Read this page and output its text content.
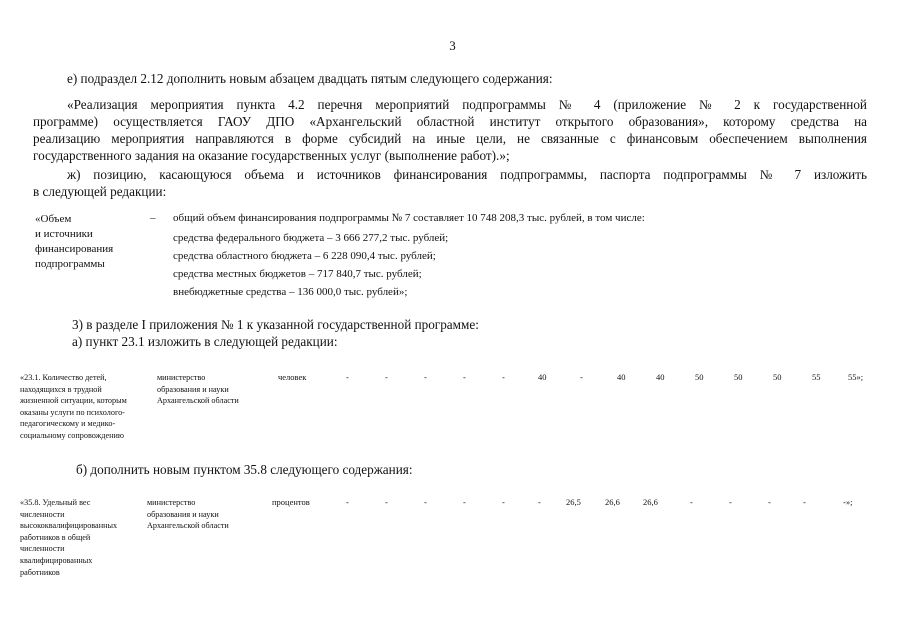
3
е) подраздел 2.12 дополнить новым абзацем двадцать пятым следующего содержания:
«Реализация мероприятия пункта 4.2 перечня мероприятий подпрограммы № 4 (приложение № 2 к государственной
программе) осуществляется ГАОУ ДПО «Архангельский областной институт открытого образования», которому средства на
реализацию мероприятия направляются в форме субсидий на иные цели, не связанные с финансовым обеспечением выполнения
государственного задания на оказание государственных услуг (выполнение работ).»;
ж) позицию, касающуюся объема и источников финансирования подпрограммы, паспорта подпрограммы № 7 изложить
в следующей редакции:
«Объем
и источники
финансирования
подпрограммы
– общий объем финансирования подпрограммы № 7 составляет 10 748 208,3 тыс. рублей, в том числе:
средства федерального бюджета – 3 666 277,2 тыс. рублей;
средства областного бюджета – 6 228 090,4 тыс. рублей;
средства местных бюджетов – 717 840,7 тыс. рублей;
внебюджетные средства – 136 000,0 тыс. рублей»;
3) в разделе I приложения № 1 к указанной государственной программе:
а) пункт 23.1 изложить в следующей редакции:
«23.1. Количество детей,
находящихся в трудной
жизненной ситуации, которым
оказаны услуги по психолого-
педагогическому и медико-
социальному сопровождению
министерство
образования и науки
Архангельской области
человек	-	-	-	-	-	40	-	40	40	50	50	50	55	55»;
б) дополнить новым пунктом 35.8 следующего содержания:
«35.8. Удельный вес
численности
высококвалифицированных
работников в общей
численности
квалифицированных
работников
министерство
образования и науки
Архангельской области
процентов	-	-	-	-	-	-	26,5	26,6	26,6	-	-	-	-	-»;
